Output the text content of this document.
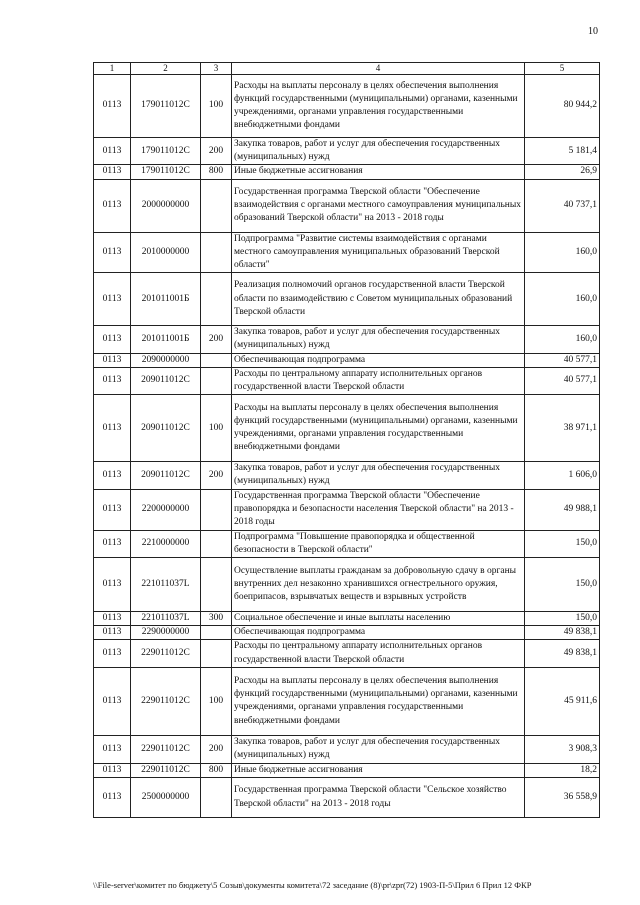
10
1	2	3	4	5
0113	179011012С	100	Расходы на выплаты персоналу в целях обеспечения выполнения функций государственными (муниципальными) органами, казенными учреждениями, органами управления государственными внебюджетными фондами	80 944,2
0113	179011012С	200	Закупка товаров, работ и услуг для обеспечения государственных (муниципальных) нужд	5 181,4
0113	179011012С	800	Иные бюджетные ассигнования	26,9
0113	2000000000		Государственная программа Тверской области "Обеспечение взаимодействия с органами местного самоуправления муниципальных образований Тверской области" на 2013 - 2018 годы	40 737,1
0113	2010000000		Подпрограмма "Развитие системы взаимодействия с органами местного самоуправления муниципальных образований Тверской области"	160,0
0113	201011001Б		Реализация полномочий органов государственной власти Тверской области по взаимодействию с Советом муниципальных образований Тверской области	160,0
0113	201011001Б	200	Закупка товаров, работ и услуг для обеспечения государственных (муниципальных) нужд	160,0
0113	2090000000		Обеспечивающая подпрограмма	40 577,1
0113	209011012С		Расходы по центральному аппарату исполнительных органов государственной власти Тверской области	40 577,1
0113	209011012С	100	Расходы на выплаты персоналу в целях обеспечения выполнения функций государственными (муниципальными) органами, казенными учреждениями, органами управления государственными внебюджетными фондами	38 971,1
0113	209011012С	200	Закупка товаров, работ и услуг для обеспечения государственных (муниципальных) нужд	1 606,0
0113	2200000000		Государственная программа Тверской области "Обеспечение правопорядка и безопасности населения Тверской области" на 2013 - 2018 годы	49 988,1
0113	2210000000		Подпрограмма "Повышение правопорядка и общественной безопасности в Тверской области"	150,0
0113	221011037L		Осуществление выплаты гражданам за добровольную сдачу в органы внутренних дел незаконно хранившихся огнестрельного оружия, боеприпасов, взрывчатых веществ и взрывных устройств	150,0
0113	221011037L	300	Социальное обеспечение и иные выплаты населению	150,0
0113	2290000000		Обеспечивающая подпрограмма	49 838,1
0113	229011012С		Расходы по центральному аппарату исполнительных органов государственной власти Тверской области	49 838,1
0113	229011012С	100	Расходы на выплаты персоналу в целях обеспечения выполнения функций государственными (муниципальными) органами, казенными учреждениями, органами управления государственными внебюджетными фондами	45 911,6
0113	229011012С	200	Закупка товаров, работ и услуг для обеспечения государственных (муниципальных) нужд	3 908,3
0113	229011012С	800	Иные бюджетные ассигнования	18,2
0113	2500000000		Государственная программа Тверской области "Сельское хозяйство Тверской области" на 2013 - 2018 годы	36 558,9
\\File-server\комитет по бюджету\5 Созыв\документы комитета\72 заседание (8)\pr\zpr(72) 1903-П-5\Прил 6 Прил 12 ФКР
